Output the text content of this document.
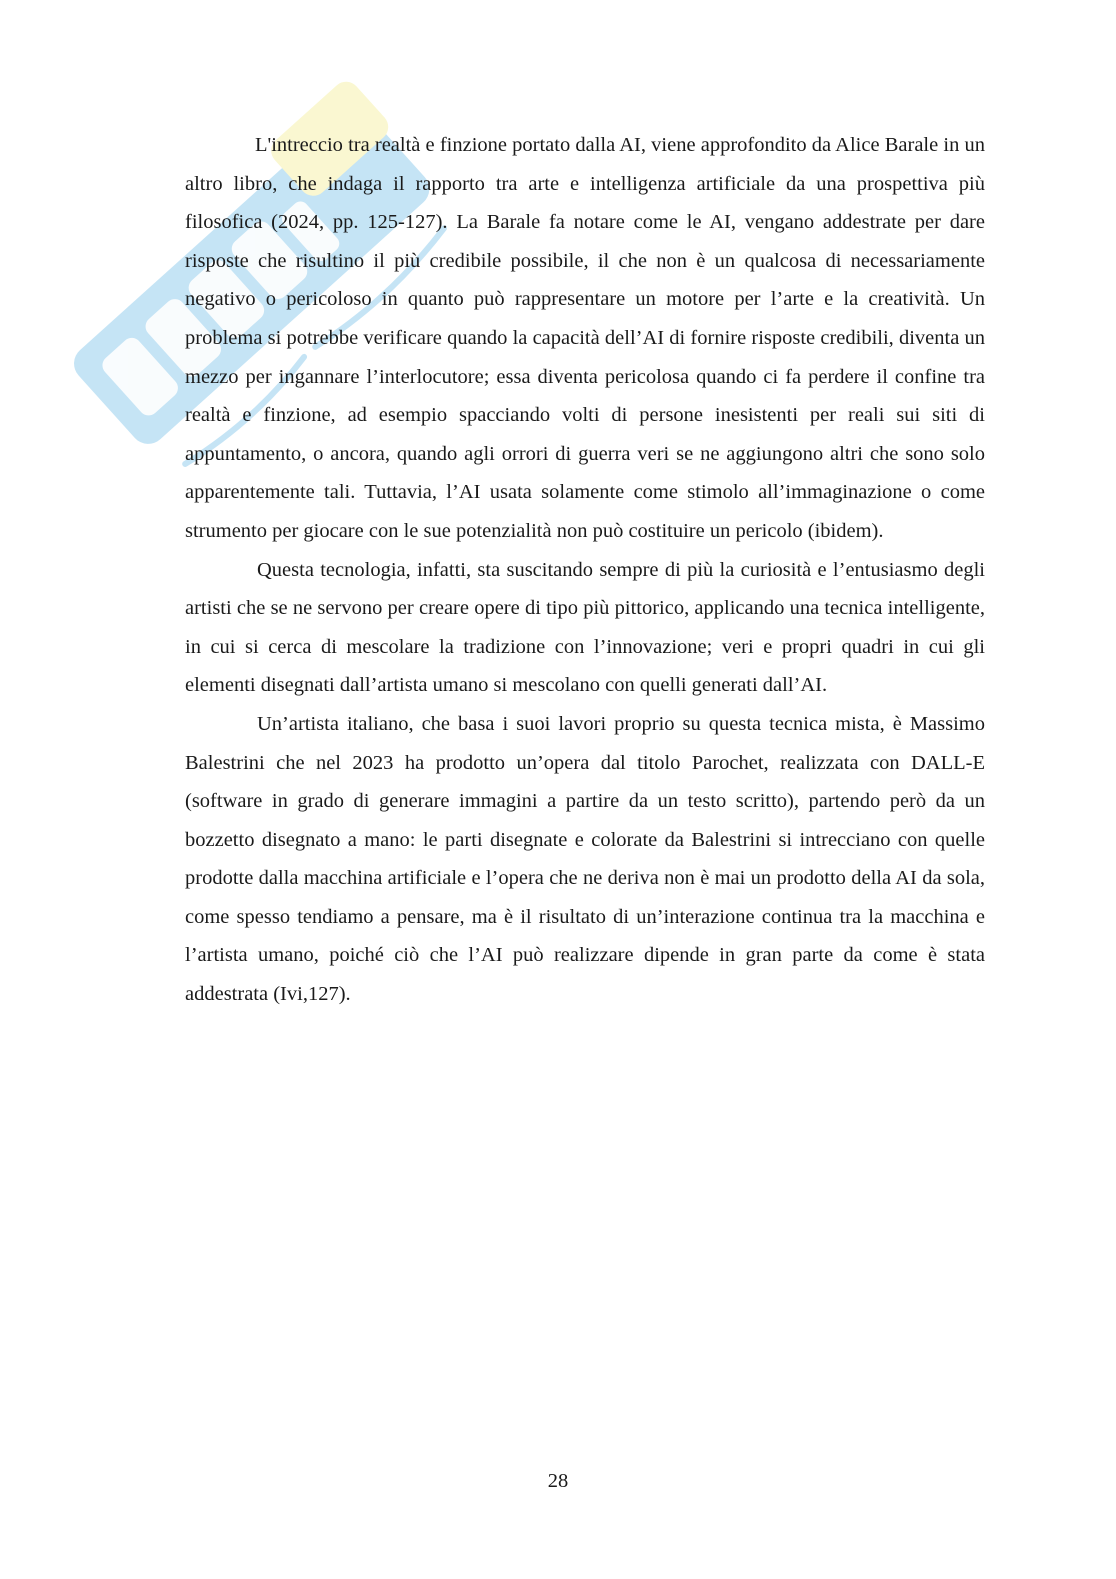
L'intreccio tra realtà e finzione portato dalla AI, viene approfondito da Alice Barale in un altro libro, che indaga il rapporto tra arte e intelligenza artificiale da una prospettiva più filosofica (2024, pp. 125-127). La Barale fa notare come le AI, vengano addestrate per dare risposte che risultino il più credibile possibile, il che non è un qualcosa di necessariamente negativo o pericoloso in quanto può rappresentare un motore per l’arte e la creatività. Un problema si potrebbe verificare quando la capacità dell’AI di fornire risposte credibili, diventa un mezzo per ingannare l’interlocutore; essa diventa pericolosa quando ci fa perdere il confine tra realtà e finzione, ad esempio spacciando volti di persone inesistenti per reali sui siti di appuntamento, o ancora, quando agli orrori di guerra veri se ne aggiungono altri che sono solo apparentemente tali. Tuttavia, l’AI usata solamente come stimolo all’immaginazione o come strumento per giocare con le sue potenzialità non può costituire un pericolo (ibidem).

Questa tecnologia, infatti, sta suscitando sempre di più la curiosità e l’entusiasmo degli artisti che se ne servono per creare opere di tipo più pittorico, applicando una tecnica intelligente, in cui si cerca di mescolare la tradizione con l’innovazione; veri e propri quadri in cui gli elementi disegnati dall’artista umano si mescolano con quelli generati dall’AI.

Un’artista italiano, che basa i suoi lavori proprio su questa tecnica mista, è Massimo Balestrini che nel 2023 ha prodotto un’opera dal titolo Parochet, realizzata con DALL-E (software in grado di generare immagini a partire da un testo scritto), partendo però da un bozzetto disegnato a mano: le parti disegnate e colorate da Balestrini si intrecciano con quelle prodotte dalla macchina artificiale e l’opera che ne deriva non è mai un prodotto della AI da sola, come spesso tendiamo a pensare, ma è il risultato di un’interazione continua tra la macchina e l’artista umano, poiché ciò che l’AI può realizzare dipende in gran parte da come è stata addestrata (Ivi,127).

28
